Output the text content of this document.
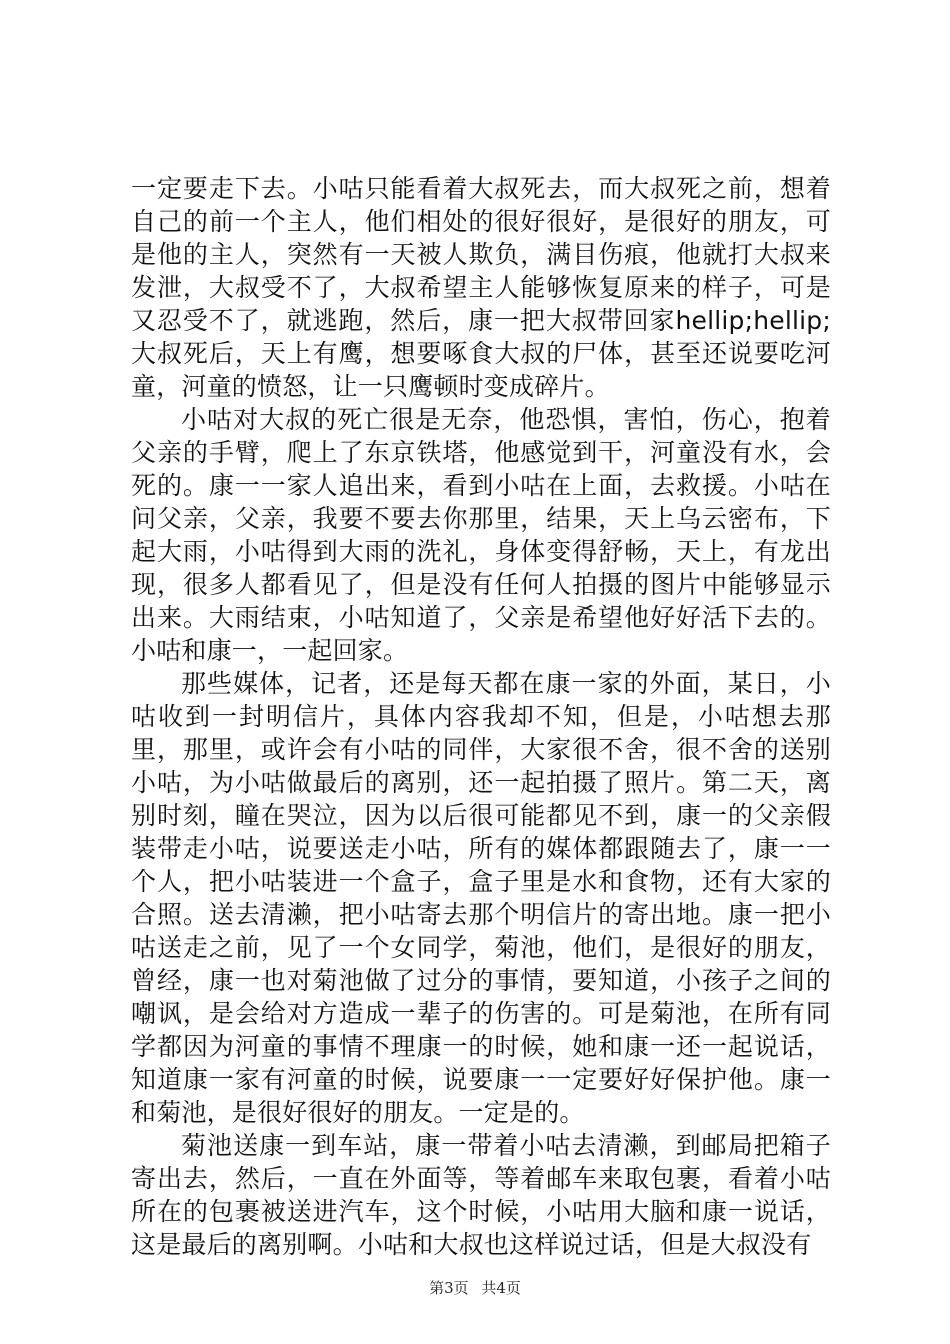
一定要走下去。小咕只能看着大叔死去，而大叔死之前，想着自己的前一个主人，他们相处的很好很好，是很好的朋友，可是他的主人，突然有一天被人欺负，满目伤痕，他就打大叔来发泄，大叔受不了，大叔希望主人能够恢复原来的样子，可是又忍受不了，就逃跑，然后，康一把大叔带回家hellip;hellip;大叔死后，天上有鹰，想要啄食大叔的尸体，甚至还说要吃河童，河童的愤怒，让一只鹰顿时变成碎片。

小咕对大叔的死亡很是无奈，他恐惧，害怕，伤心，抱着父亲的手臂，爬上了东京铁塔，他感觉到干，河童没有水，会死的。康一一家人追出来，看到小咕在上面，去救援。小咕在问父亲，父亲，我要不要去你那里，结果，天上乌云密布，下起大雨，小咕得到大雨的洗礼，身体变得舒畅，天上，有龙出现，很多人都看见了，但是没有任何人拍摄的图片中能够显示出来。大雨结束，小咕知道了，父亲是希望他好好活下去的。小咕和康一，一起回家。

那些媒体，记者，还是每天都在康一家的外面，某日，小咕收到一封明信片，具体内容我却不知，但是，小咕想去那里，那里，或许会有小咕的同伴，大家很不舍，很不舍的送别小咕，为小咕做最后的离别，还一起拍摄了照片。第二天，离别时刻，瞳在哭泣，因为以后很可能都见不到，康一的父亲假装带走小咕，说要送走小咕，所有的媒体都跟随去了，康一一个人，把小咕装进一个盒子，盒子里是水和食物，还有大家的合照。送去清濑，把小咕寄去那个明信片的寄出地。康一把小咕送走之前，见了一个女同学，菊池，他们，是很好的朋友，曾经，康一也对菊池做了过分的事情，要知道，小孩子之间的嘲讽，是会给对方造成一辈子的伤害的。可是菊池，在所有同学都因为河童的事情不理康一的时候，她和康一还一起说话，知道康一家有河童的时候，说要康一一定要好好保护他。康一和菊池，是很好很好的朋友。一定是的。

菊池送康一到车站，康一带着小咕去清濑，到邮局把箱子寄出去，然后，一直在外面等，等着邮车来取包裹，看着小咕所在的包裹被送进汽车，这个时候，小咕用大脑和康一说话，这是最后的离别啊。小咕和大叔也这样说过话，但是大叔没有

第3页 共4页
